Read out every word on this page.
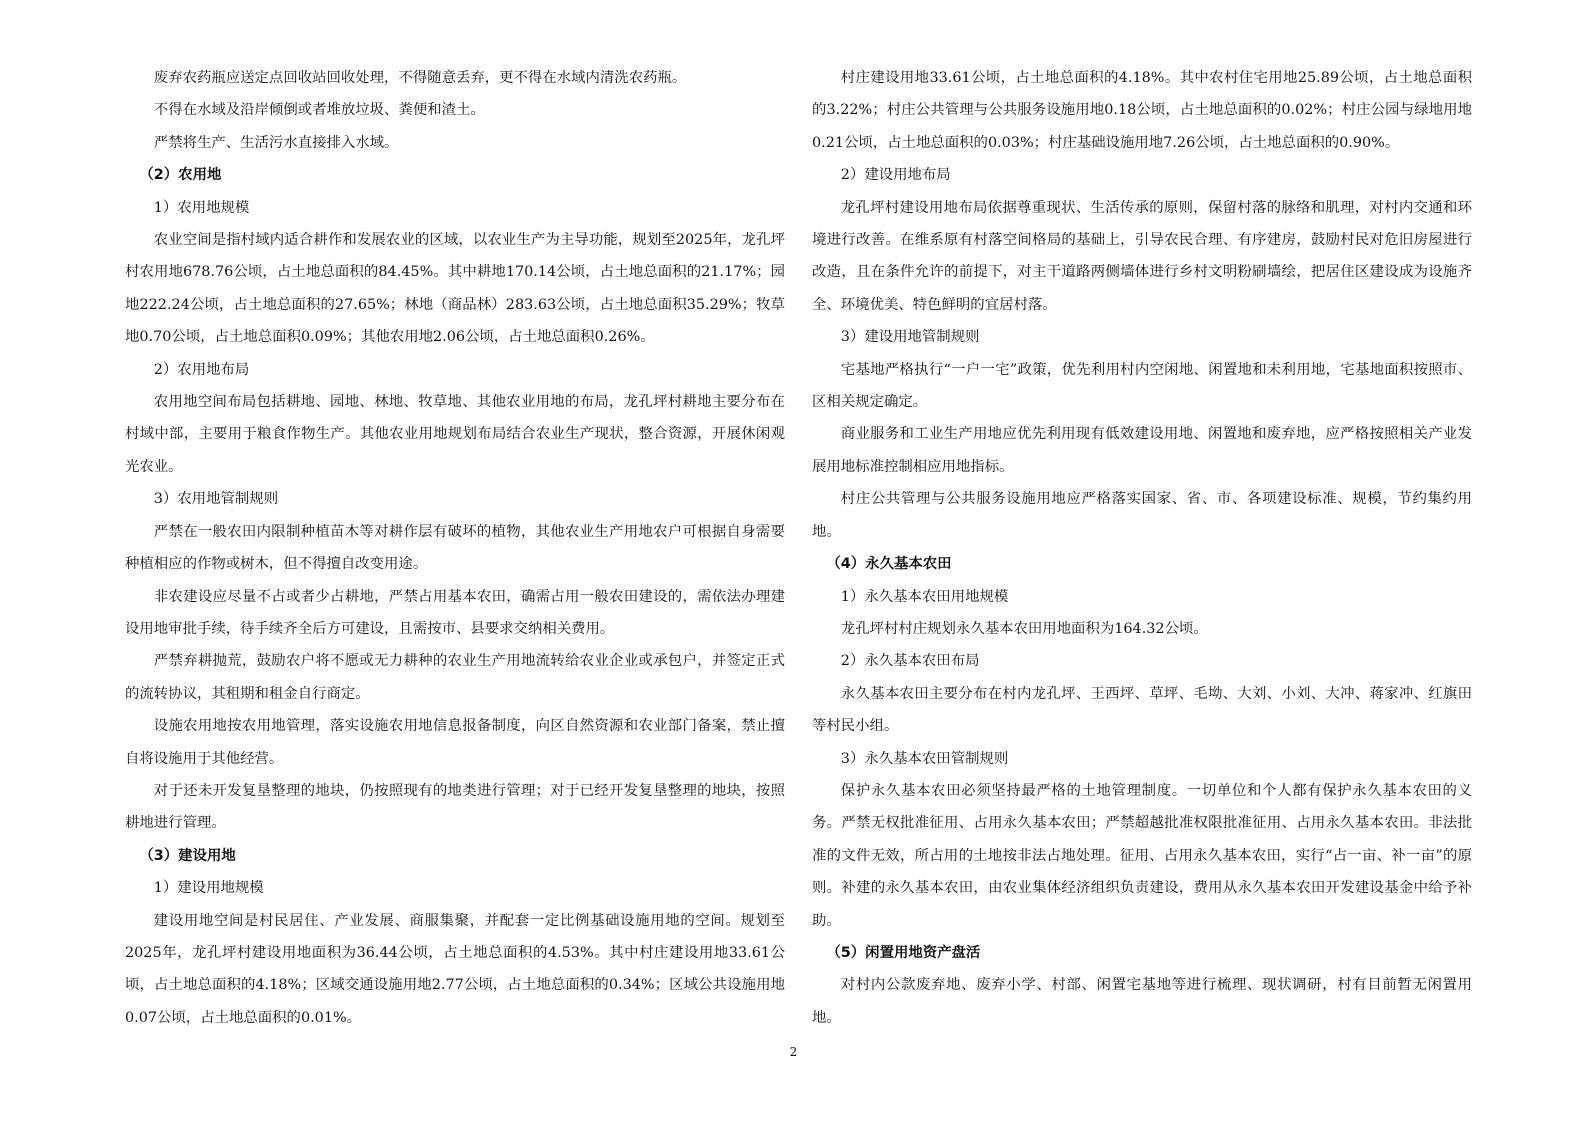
废弃农药瓶应送定点回收站回收处理，不得随意丢弃，更不得在水域内清洗农药瓶。

不得在水域及沿岸倾倒或者堆放垃圾、粪便和渣土。

严禁将生产、生活污水直接排入水域。

（2）农用地

1）农用地规模

农业空间是指村域内适合耕作和发展农业的区域，以农业生产为主导功能，规划至2025年，龙孔坪村农用地678.76公顷，占土地总面积的84.45%。其中耕地170.14公顷，占土地总面积的21.17%；园地222.24公顷，占土地总面积的27.65%；林地（商品林）283.63公顷，占土地总面积35.29%；牧草地0.70公顷，占土地总面积0.09%；其他农用地2.06公顷，占土地总面积0.26%。

2）农用地布局

农用地空间布局包括耕地、园地、林地、牧草地、其他农业用地的布局，龙孔坪村耕地主要分布在村域中部，主要用于粮食作物生产。其他农业用地规划布局结合农业生产现状，整合资源，开展休闲观光农业。

3）农用地管制规则

严禁在一般农田内限制种植苗木等对耕作层有破坏的植物，其他农业生产用地农户可根据自身需要种植相应的作物或树木，但不得擅自改变用途。

非农建设应尽量不占或者少占耕地，严禁占用基本农田，确需占用一般农田建设的，需依法办理建设用地审批手续，待手续齐全后方可建设，且需按市、县要求交纳相关费用。

严禁弃耕抛荒，鼓励农户将不愿或无力耕种的农业生产用地流转给农业企业或承包户，并签定正式的流转协议，其租期和租金自行商定。

设施农用地按农用地管理，落实设施农用地信息报备制度，向区自然资源和农业部门备案，禁止擅自将设施用于其他经营。

对于还未开发复垦整理的地块，仍按照现有的地类进行管理；对于已经开发复垦整理的地块，按照耕地进行管理。

（3）建设用地

1）建设用地规模

建设用地空间是村民居住、产业发展、商服集聚，并配套一定比例基础设施用地的空间。规划至2025年，龙孔坪村建设用地面积为36.44公顷，占土地总面积的4.53%。其中村庄建设用地33.61公顷，占土地总面积的4.18%；区域交通设施用地2.77公顷，占土地总面积的0.34%；区域公共设施用地0.07公顷，占土地总面积的0.01%。

村庄建设用地33.61公顷，占土地总面积的4.18%。其中农村住宅用地25.89公顷，占土地总面积的3.22%；村庄公共管理与公共服务设施用地0.18公顷，占土地总面积的0.02%；村庄公园与绿地用地0.21公顷，占土地总面积的0.03%；村庄基础设施用地7.26公顷，占土地总面积的0.90%。

2）建设用地布局

龙孔坪村建设用地布局依据尊重现状、生活传承的原则，保留村落的脉络和肌理，对村内交通和环境进行改善。在维系原有村落空间格局的基础上，引导农民合理、有序建房，鼓励村民对危旧房屋进行改造，且在条件允许的前提下，对主干道路两侧墙体进行乡村文明粉刷墙绘，把居住区建设成为设施齐全、环境优美、特色鲜明的宜居村落。

3）建设用地管制规则

宅基地严格执行“一户一宅”政策，优先利用村内空闲地、闲置地和未利用地，宅基地面积按照市、区相关规定确定。

商业服务和工业生产用地应优先利用现有低效建设用地、闲置地和废弃地，应严格按照相关产业发展用地标准控制相应用地指标。

村庄公共管理与公共服务设施用地应严格落实国家、省、市、各项建设标准、规模，节约集约用地。

（4）永久基本农田

1）永久基本农田用地规模

龙孔坪村村庄规划永久基本农田用地面积为164.32公顷。

2）永久基本农田布局

永久基本农田主要分布在村内龙孔坪、王西坪、草坪、毛坳、大刘、小刘、大冲、蒋家冲、红旗田等村民小组。

3）永久基本农田管制规则

保护永久基本农田必须坚持最严格的土地管理制度。一切单位和个人都有保护永久基本农田的义务。严禁无权批准征用、占用永久基本农田；严禁超越批准权限批准征用、占用永久基本农田。非法批准的文件无效，所占用的土地按非法占地处理。征用、占用永久基本农田，实行“占一亩、补一亩”的原则。补建的永久基本农田，由农业集体经济组织负责建设，费用从永久基本农田开发建设基金中给予补助。

（5）闲置用地资产盘活

对村内公款废弃地、废弃小学、村部、闲置宅基地等进行梳理、现状调研，村有目前暂无闲置用地。

2
